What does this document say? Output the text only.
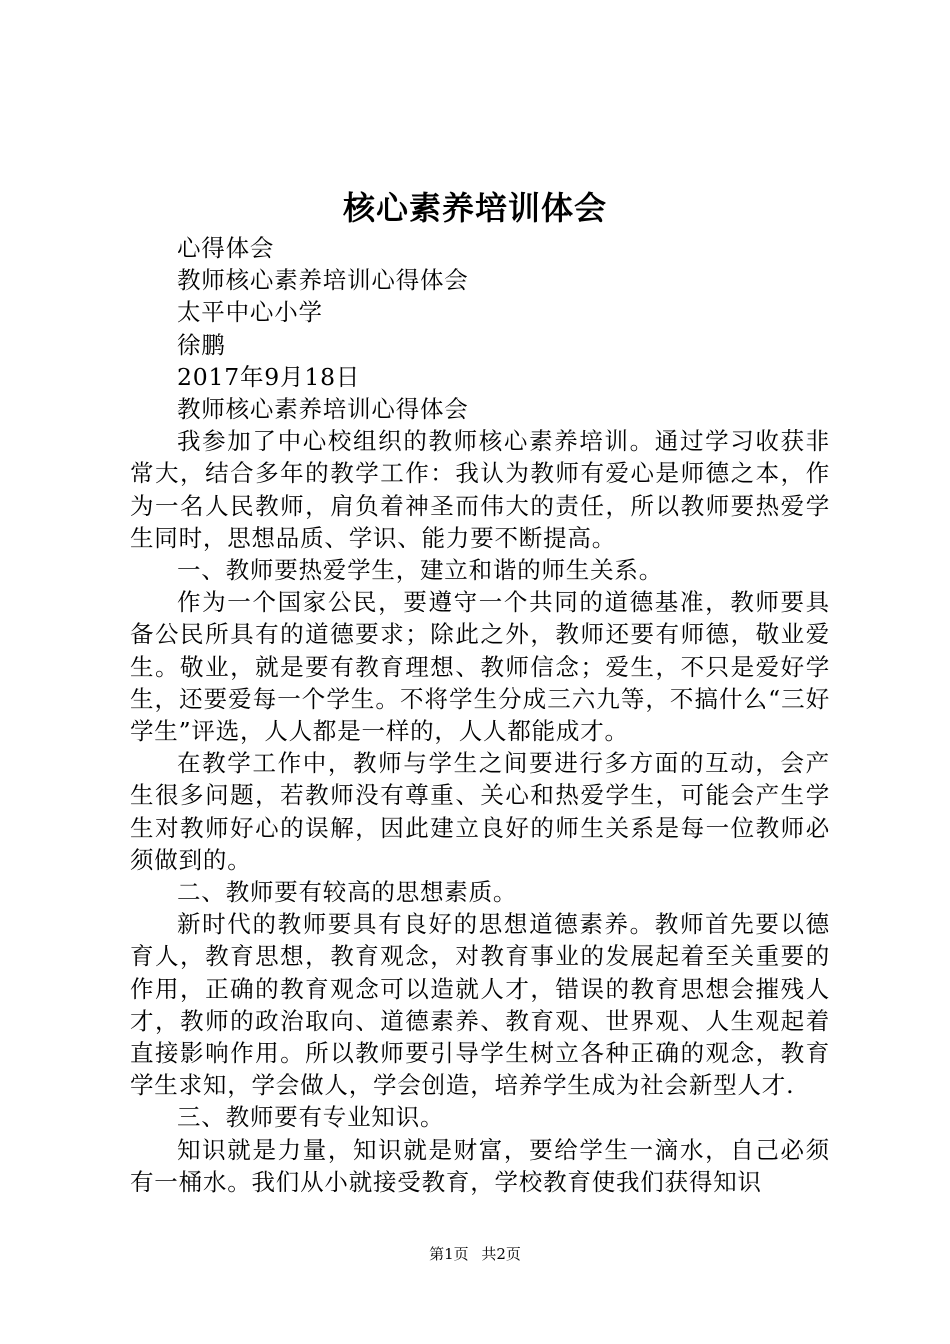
核心素养培训体会

心得体会

教师核心素养培训心得体会

太平中心小学

徐鹏

2017年9月18日

教师核心素养培训心得体会

我参加了中心校组织的教师核心素养培训。通过学习收获非常大，结合多年的教学工作：我认为教师有爱心是师德之本，作为一名人民教师，肩负着神圣而伟大的责任，所以教师要热爱学生同时，思想品质、学识、能力要不断提高。

一、教师要热爱学生，建立和谐的师生关系。

作为一个国家公民，要遵守一个共同的道德基准，教师要具备公民所具有的道德要求；除此之外，教师还要有师德，敬业爱生。敬业，就是要有教育理想、教师信念；爱生，不只是爱好学生，还要爱每一个学生。不将学生分成三六九等，不搞什么“三好学生”评选，人人都是一样的，人人都能成才。

在教学工作中，教师与学生之间要进行多方面的互动，会产生很多问题，若教师没有尊重、关心和热爱学生，可能会产生学生对教师好心的误解，因此建立良好的师生关系是每一位教师必须做到的。

二、教师要有较高的思想素质。

新时代的教师要具有良好的思想道德素养。教师首先要以德育人，教育思想，教育观念，对教育事业的发展起着至关重要的作用，正确的教育观念可以造就人才，错误的教育思想会摧残人才，教师的政治取向、道德素养、教育观、世界观、人生观起着直接影响作用。所以教师要引导学生树立各种正确的观念，教育学生求知，学会做人，学会创造，培养学生成为社会新型人才.

三、教师要有专业知识。

知识就是力量，知识就是财富，要给学生一滴水，自己必须有一桶水。我们从小就接受教育，学校教育使我们获得知识

第1页 共2页
